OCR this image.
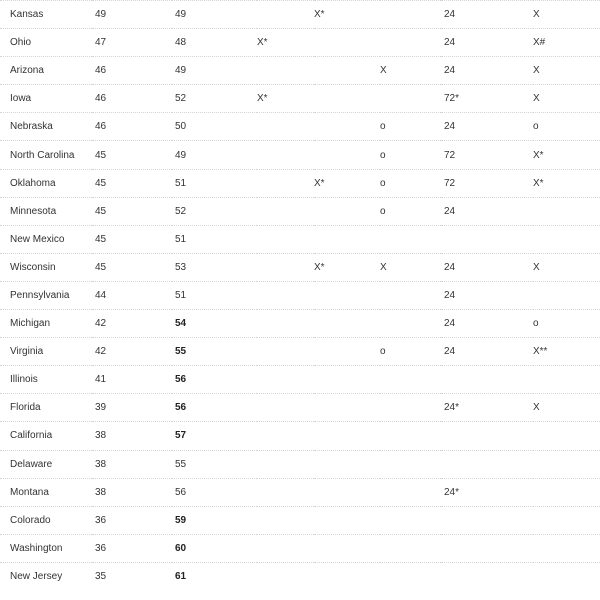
Kansas	49	49		X*		24	X
Ohio	47	48	X*			24	X#
Arizona	46	49			X	24	X
Iowa	46	52	X*			72*	X
Nebraska	46	50			o	24	o
North Carolina	45	49			o	72	X*
Oklahoma	45	51		X*	o	72	X*
Minnesota	45	52			o	24	
New Mexico	45	51					
Wisconsin	45	53		X*	X	24	X
Pennsylvania	44	51				24	
Michigan	42	54				24	o
Virginia	42	55			o	24	X**
Illinois	41	56					
Florida	39	56				24*	X
California	38	57					
Delaware	38	55					
Montana	38	56				24*	
Colorado	36	59					
Washington	36	60					
New Jersey	35	61					
